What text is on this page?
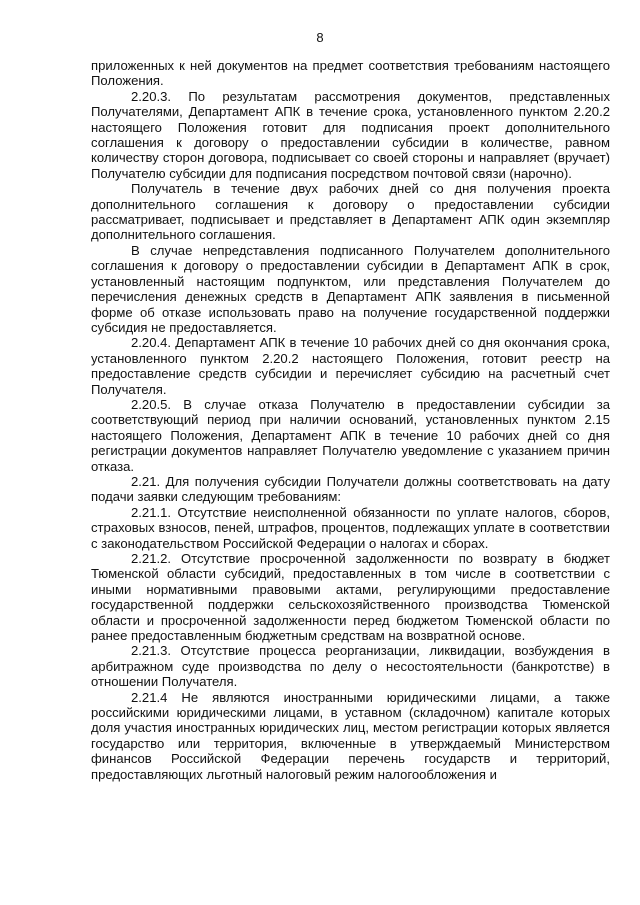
8

приложенных к ней документов на предмет соответствия требованиям настоящего Положения.

2.20.3. По результатам рассмотрения документов, представленных Получателями, Департамент АПК в течение срока, установленного пунктом 2.20.2 настоящего Положения готовит для подписания проект дополнительного соглашения к договору о предоставлении субсидии в количестве, равном количеству сторон договора, подписывает со своей стороны и направляет (вручает) Получателю субсидии для подписания посредством почтовой связи (нарочно).

Получатель в течение двух рабочих дней со дня получения проекта дополнительного соглашения к договору о предоставлении субсидии рассматривает, подписывает и представляет в Департамент АПК один экземпляр дополнительного соглашения.

В случае непредставления подписанного Получателем дополнительного соглашения к договору о предоставлении субсидии в Департамент АПК в срок, установленный настоящим подпунктом, или представления Получателем до перечисления денежных средств в Департамент АПК заявления в письменной форме об отказе использовать право на получение государственной поддержки субсидия не предоставляется.

2.20.4. Департамент АПК в течение 10 рабочих дней со дня окончания срока, установленного пунктом 2.20.2 настоящего Положения, готовит реестр на предоставление средств субсидии и перечисляет субсидию на расчетный счет Получателя.

2.20.5. В случае отказа Получателю в предоставлении субсидии за соответствующий период при наличии оснований, установленных пунктом 2.15 настоящего Положения, Департамент АПК в течение 10 рабочих дней со дня регистрации документов направляет Получателю уведомление с указанием причин отказа.

2.21. Для получения субсидии Получатели должны соответствовать на дату подачи заявки следующим требованиям:

2.21.1. Отсутствие неисполненной обязанности по уплате налогов, сборов, страховых взносов, пеней, штрафов, процентов, подлежащих уплате в соответствии с законодательством Российской Федерации о налогах и сборах.

2.21.2. Отсутствие просроченной задолженности по возврату в бюджет Тюменской области субсидий, предоставленных в том числе в соответствии с иными нормативными правовыми актами, регулирующими предоставление государственной поддержки сельскохозяйственного производства Тюменской области и просроченной задолженности перед бюджетом Тюменской области по ранее предоставленным бюджетным средствам на возвратной основе.

2.21.3. Отсутствие процесса реорганизации, ликвидации, возбуждения в арбитражном суде производства по делу о несостоятельности (банкротстве) в отношении Получателя.

2.21.4 Не являются иностранными юридическими лицами, а также российскими юридическими лицами, в уставном (складочном) капитале которых доля участия иностранных юридических лиц, местом регистрации которых является государство или территория, включенные в утверждаемый Министерством финансов Российской Федерации перечень государств и территорий, предоставляющих льготный налоговый режим налогообложения и
